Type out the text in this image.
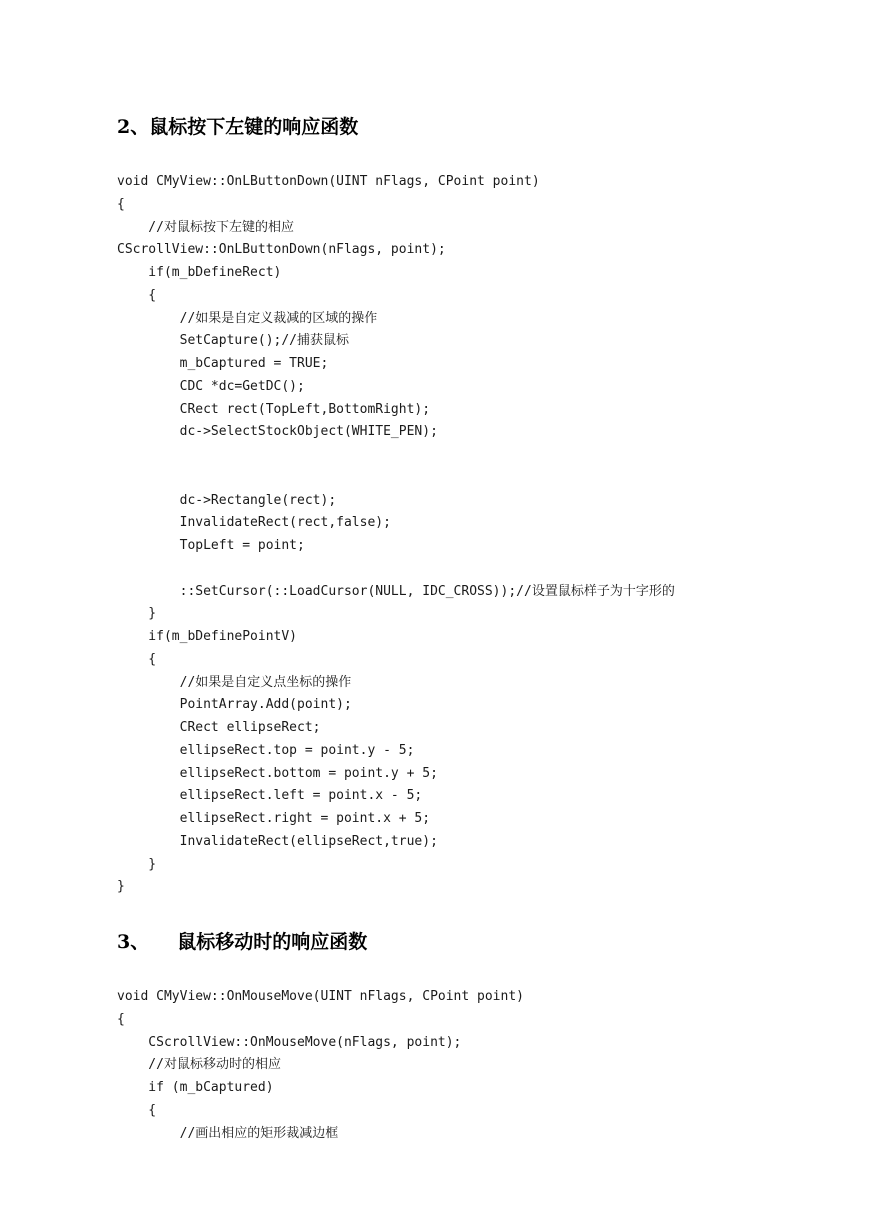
2、鼠标按下左键的响应函数
void CMyView::OnLButtonDown(UINT nFlags, CPoint point)
{
//对鼠标按下左键的相应
CScrollView::OnLButtonDown(nFlags, point);
if(m_bDefineRect)
{
//如果是自定义裁减的区域的操作
SetCapture();//捕获鼠标
m_bCaptured = TRUE;
CDC *dc=GetDC();
CRect rect(TopLeft,BottomRight);
dc->SelectStockObject(WHITE_PEN);
dc->Rectangle(rect);
InvalidateRect(rect,false);
TopLeft = point;
::SetCursor(::LoadCursor(NULL, IDC_CROSS));//设置鼠标样子为十字形的
}
if(m_bDefinePointV)
{
//如果是自定义点坐标的操作
PointArray.Add(point);
CRect ellipseRect;
ellipseRect.top = point.y - 5;
ellipseRect.bottom = point.y + 5;
ellipseRect.left = point.x - 5;
ellipseRect.right = point.x + 5;
InvalidateRect(ellipseRect,true);
}
}
3、 鼠标移动时的响应函数
void CMyView::OnMouseMove(UINT nFlags, CPoint point)
{
CScrollView::OnMouseMove(nFlags, point);
//对鼠标移动时的相应
if (m_bCaptured)
{
//画出相应的矩形裁减边框
